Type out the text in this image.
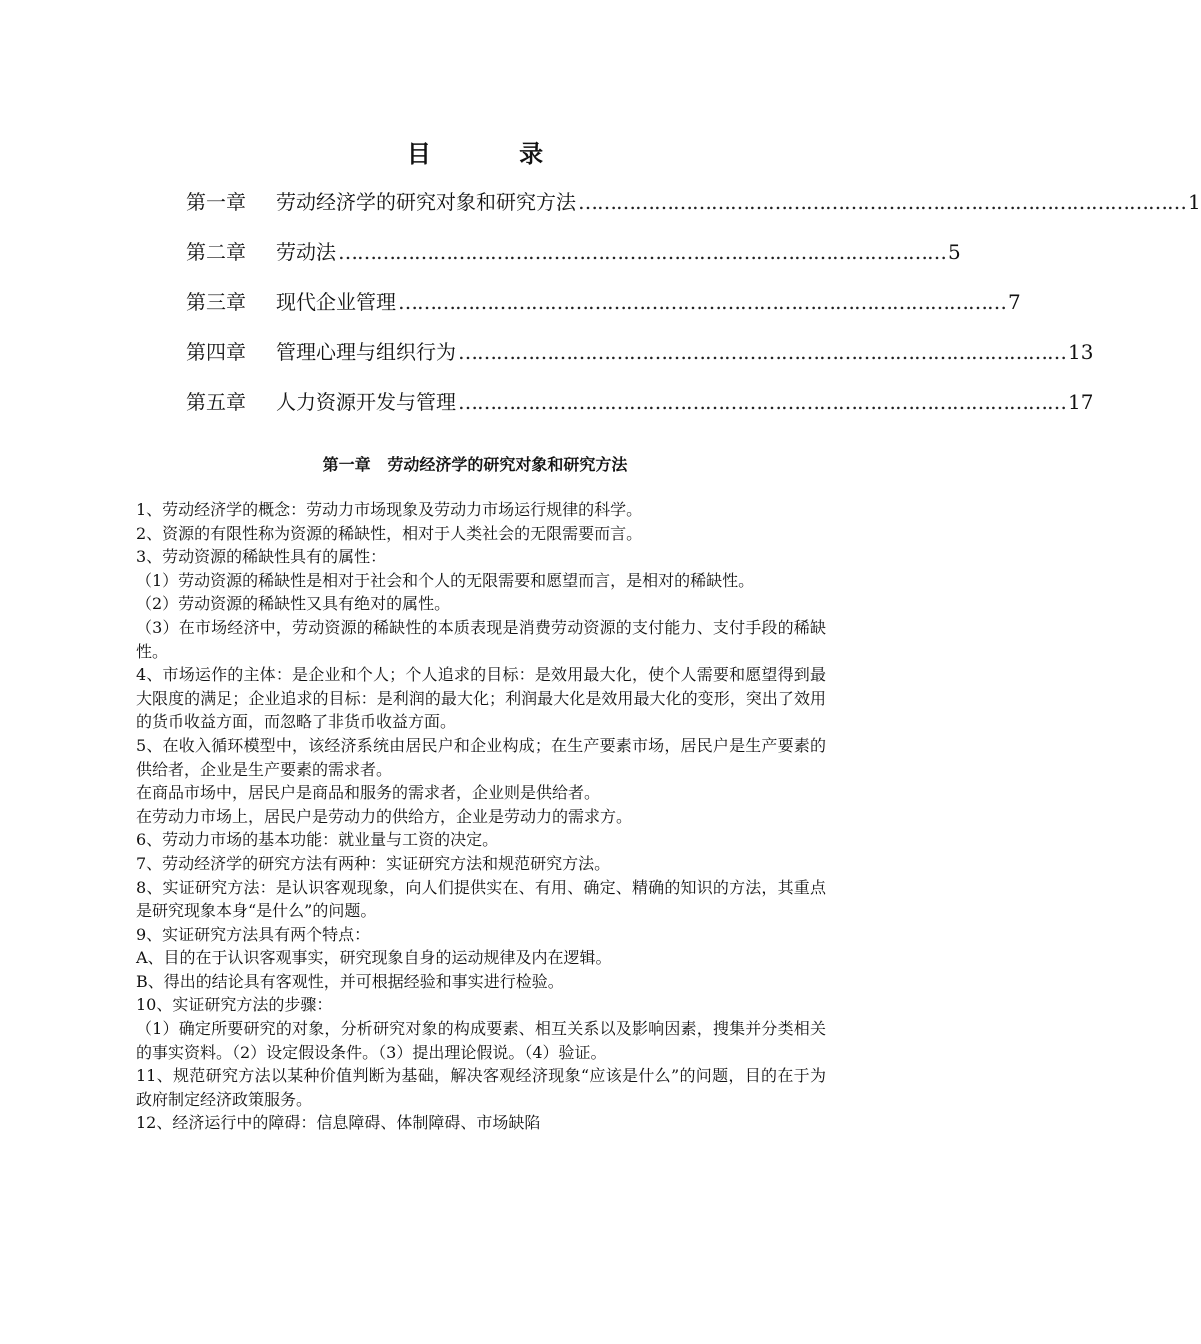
目 录
第一章	劳动经济学的研究对象和研究方法 …………………………………………………………………………………… 1
第二章	劳动法 …………………………………………………………………………………… 5
第三章	现代企业管理 …………………………………………………………………………………… 7
第四章	管理心理与组织行为 …………………………………………………………………………………… 13
第五章	人力资源开发与管理 …………………………………………………………………………………… 17
第一章 劳动经济学的研究对象和研究方法

1、劳动经济学的概念：劳动力市场现象及劳动力市场运行规律的科学。

2、资源的有限性称为资源的稀缺性，相对于人类社会的无限需要而言。

3、劳动资源的稀缺性具有的属性：

（1）劳动资源的稀缺性是相对于社会和个人的无限需要和愿望而言，是相对的稀缺性。

（2）劳动资源的稀缺性又具有绝对的属性。

（3）在市场经济中，劳动资源的稀缺性的本质表现是消费劳动资源的支付能力、支付手段的稀缺性。

4、市场运作的主体：是企业和个人；个人追求的目标：是效用最大化，使个人需要和愿望得到最大限度的满足；企业追求的目标：是利润的最大化；利润最大化是效用最大化的变形，突出了效用的货币收益方面，而忽略了非货币收益方面。

5、在收入循环模型中，该经济系统由居民户和企业构成；在生产要素市场，居民户是生产要素的供给者，企业是生产要素的需求者。

在商品市场中，居民户是商品和服务的需求者，企业则是供给者。

在劳动力市场上，居民户是劳动力的供给方，企业是劳动力的需求方。

6、劳动力市场的基本功能：就业量与工资的决定。

7、劳动经济学的研究方法有两种：实证研究方法和规范研究方法。

8、实证研究方法：是认识客观现象，向人们提供实在、有用、确定、精确的知识的方法，其重点是研究现象本身“是什么”的问题。

9、实证研究方法具有两个特点：

A、目的在于认识客观事实，研究现象自身的运动规律及内在逻辑。

B、得出的结论具有客观性，并可根据经验和事实进行检验。

10、实证研究方法的步骤：

（1）确定所要研究的对象，分析研究对象的构成要素、相互关系以及影响因素，搜集并分类相关的事实资料。（2）设定假设条件。（3）提出理论假说。（4）验证。

11、规范研究方法以某种价值判断为基础，解决客观经济现象“应该是什么”的问题，目的在于为政府制定经济政策服务。

12、经济运行中的障碍：信息障碍、体制障碍、市场缺陷
